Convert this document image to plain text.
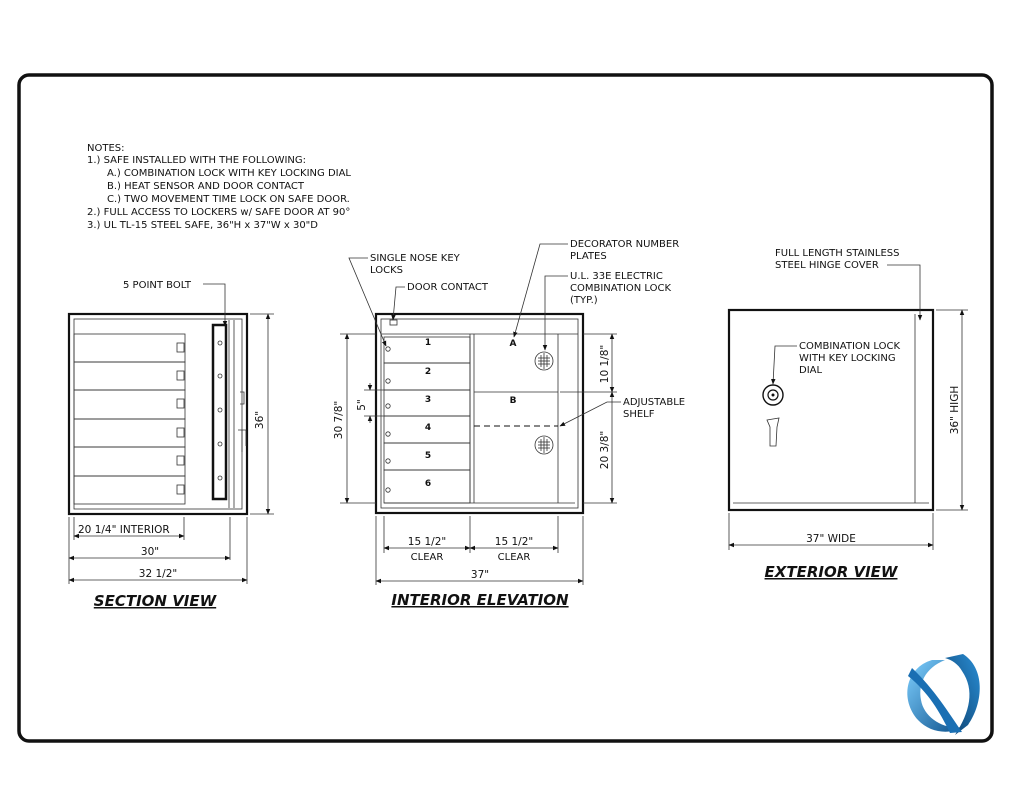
NOTES:
1.) SAFE INSTALLED WITH THE FOLLOWING:
A.) COMBINATION LOCK WITH KEY LOCKING DIAL
B.) HEAT SENSOR AND DOOR CONTACT
C.) TWO MOVEMENT TIME LOCK ON SAFE DOOR.
2.) FULL ACCESS TO LOCKERS w/ SAFE DOOR AT 90°
3.) UL TL-15 STEEL SAFE, 36"H x 37"W x 30"D
5 POINT BOLT
36"
20 1/4" INTERIOR
30"
32 1/2"
SECTION VIEW
1
2
3
4
5
6
A
B
SINGLE NOSE KEY
LOCKS
DOOR CONTACT
DECORATOR NUMBER
PLATES
U.L. 33E ELECTRIC
COMBINATION LOCK
(TYP.)
ADJUSTABLE
SHELF
30 7/8" 5"
10 1/8"
20 3/8"
15 1/2"
CLEAR
15 1/2"
CLEAR
37"
INTERIOR ELEVATION
FULL LENGTH STAINLESS
STEEL HINGE COVER
COMBINATION LOCK
WITH KEY LOCKING
DIAL
36" HIGH
37" WIDE
EXTERIOR VIEW
